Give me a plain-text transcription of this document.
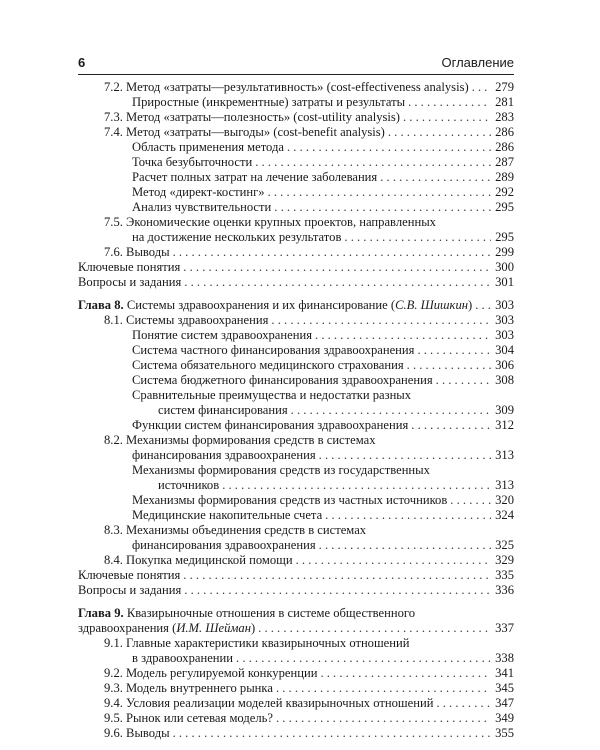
6	Оглавление
7.2. Метод «затраты—результативность» (cost-effectiveness analysis) . . .	279
Приростные (инкрементные) затраты и результаты . . .	281
7.3. Метод «затраты—полезность» (cost-utility analysis) . . .	283
7.4. Метод «затраты—выгоды» (cost-benefit analysis) . . .	286
Область применения метода . . .	286
Точка безубыточности . . .	287
Расчет полных затрат на лечение заболевания . . .	289
Метод «директ-костинг» . . .	292
Анализ чувствительности . . .	295
7.5. Экономические оценки крупных проектов, направленных
на достижение нескольких результатов . . .	295
7.6. Выводы . . .	299
Ключевые понятия . . .	300
Вопросы и задания . . .	301
Глава 8. Системы здравоохранения и их финансирование (С.В. Шишкин) . . .	303
8.1. Системы здравоохранения . . .	303
Понятие систем здравоохранения . . .	303
Система частного финансирования здравоохранения . . .	304
Система обязательного медицинского страхования . . .	306
Система бюджетного финансирования здравоохранения . . .	308
Сравнительные преимущества и недостатки разных
систем финансирования . . .	309
Функции систем финансирования здравоохранения . . .	312
8.2. Механизмы формирования средств в системах
финансирования здравоохранения . . .	313
Механизмы формирования средств из государственных
источников . . .	313
Механизмы формирования средств из частных источников . . .	320
Медицинские накопительные счета . . .	324
8.3. Механизмы объединения средств в системах
финансирования здравоохранения . . .	325
8.4. Покупка медицинской помощи . . .	329
Ключевые понятия . . .	335
Вопросы и задания . . .	336
Глава 9. Квазирыночные отношения в системе общественного
здравоохранения (И.М. Шейман) . . .	337
9.1. Главные характеристики квазирыночных отношений
в здравоохранении . . .	338
9.2. Модель регулируемой конкуренции . . .	341
9.3. Модель внутреннего рынка . . .	345
9.4. Условия реализации моделей квазирыночных отношений . . .	347
9.5. Рынок или сетевая модель? . . .	349
9.6. Выводы . . .	355
